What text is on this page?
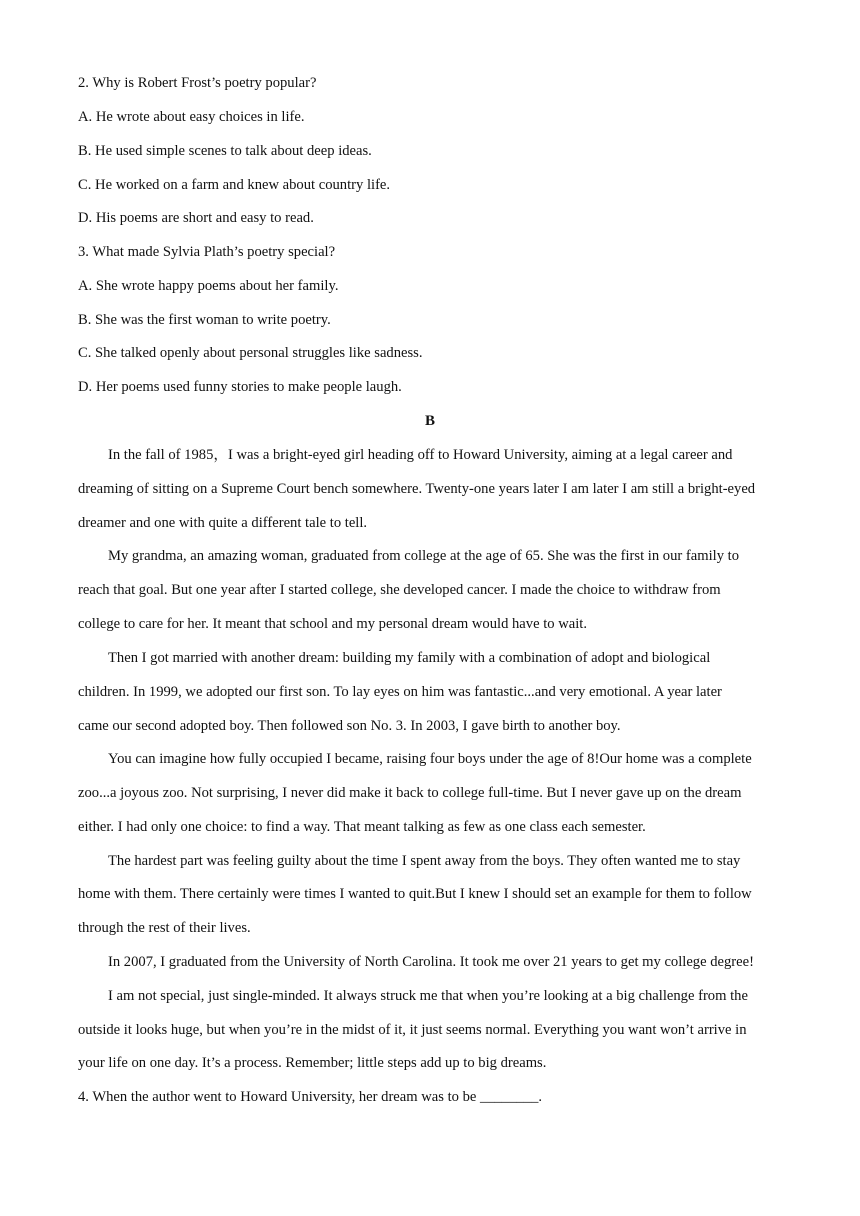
2. Why is Robert Frost’s poetry popular?
A. He wrote about easy choices in life.
B. He used simple scenes to talk about deep ideas.
C. He worked on a farm and knew about country life.
D. His poems are short and easy to read.
3. What made Sylvia Plath’s poetry special?
A. She wrote happy poems about her family.
B. She was the first woman to write poetry.
C. She talked openly about personal struggles like sadness.
D. Her poems used funny stories to make people laugh.
B
In the fall of 1985，I was a bright-eyed girl heading off to Howard University, aiming at a legal career and
dreaming of sitting on a Supreme Court bench somewhere. Twenty-one years later I am later I am still a bright-eyed
dreamer and one with quite a different tale to tell.
My grandma, an amazing woman, graduated from college at the age of 65. She was the first in our family to
reach that goal. But one year after I started college, she developed cancer. I made the choice to withdraw from
college to care for her. It meant that school and my personal dream would have to wait.
Then I got married with another dream: building my family with a combination of adopt and biological
children. In 1999, we adopted our first son. To lay eyes on him was fantastic...and very emotional. A year later
came our second adopted boy. Then followed son No. 3. In 2003, I gave birth to another boy.
You can imagine how fully occupied I became, raising four boys under the age of 8!Our home was a complete
zoo...a joyous zoo. Not surprising, I never did make it back to college full-time. But I never gave up on the dream
either. I had only one choice: to find a way. That meant talking as few as one class each semester.
The hardest part was feeling guilty about the time I spent away from the boys. They often wanted me to stay
home with them. There certainly were times I wanted to quit.But I knew I should set an example for them to follow
through the rest of their lives.
In 2007, I graduated from the University of North Carolina. It took me over 21 years to get my college degree!
I am not special, just single-minded. It always struck me that when you’re looking at a big challenge from the
outside it looks huge, but when you’re in the midst of it, it just seems normal. Everything you want won’t arrive in
your life on one day. It’s a process. Remember; little steps add up to big dreams.
4. When the author went to Howard University, her dream was to be ________.
